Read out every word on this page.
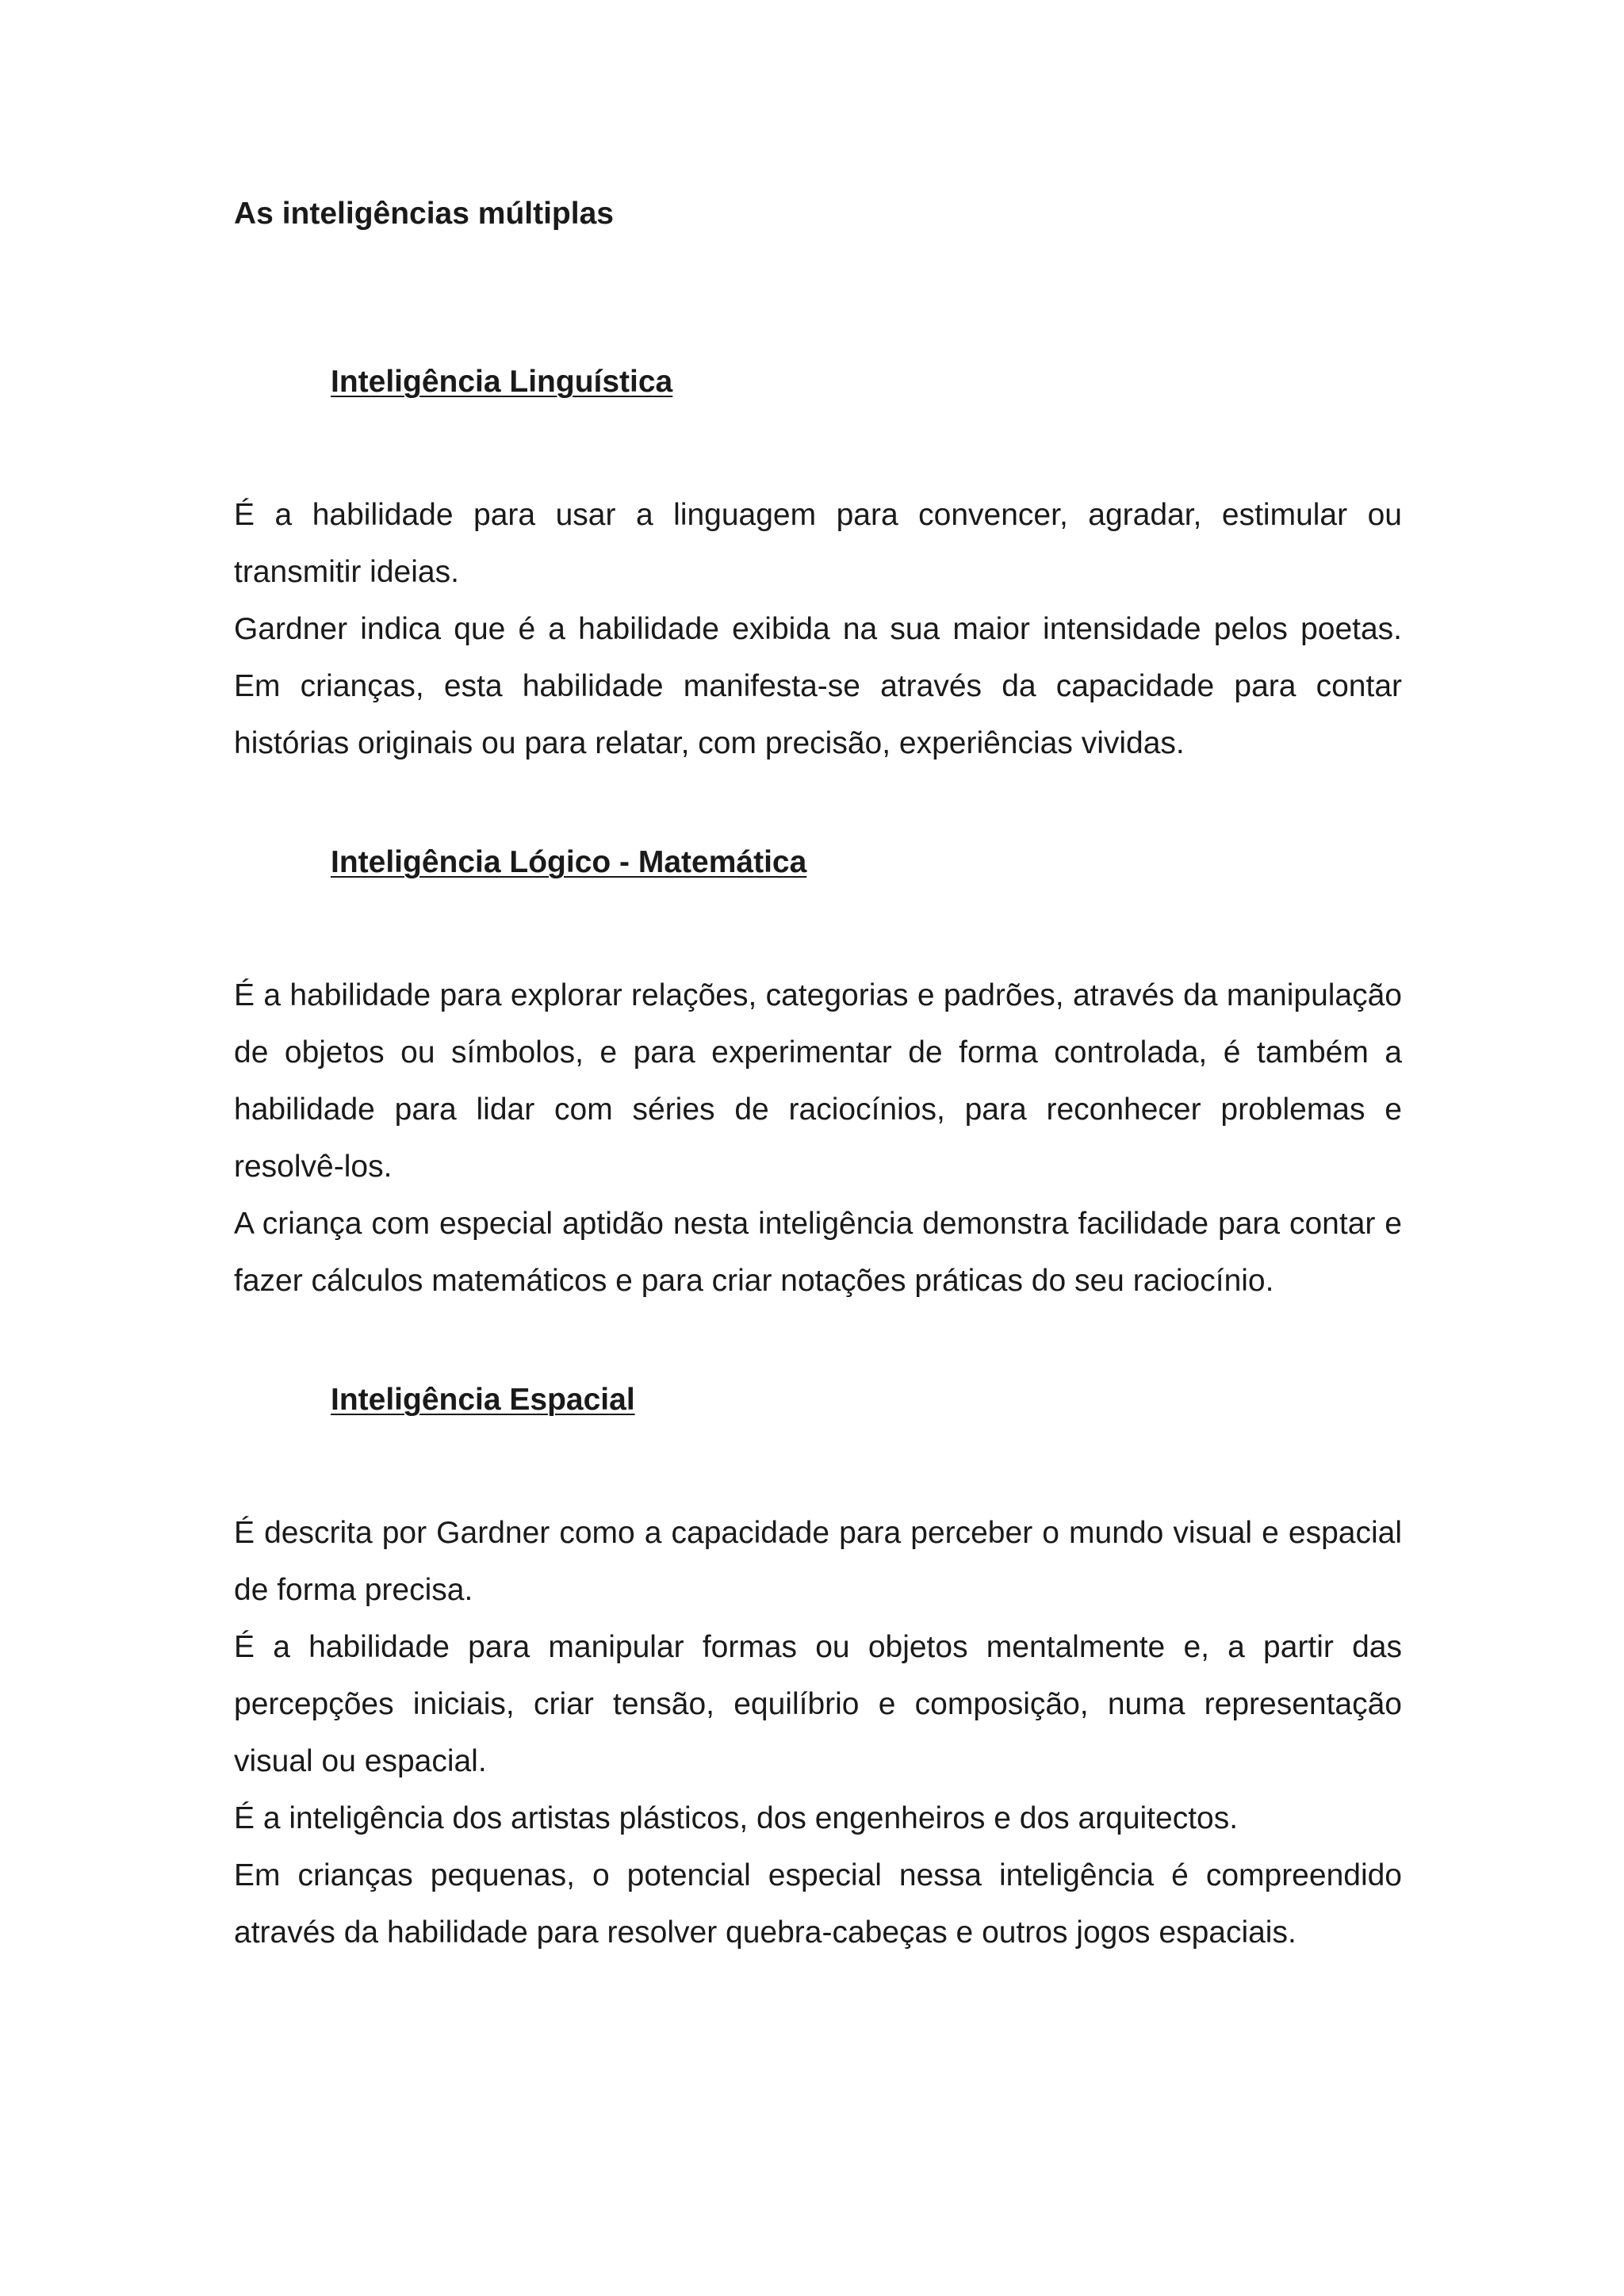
As inteligências múltiplas
Inteligência Linguística

É a habilidade para usar a linguagem para convencer, agradar, estimular ou transmitir ideias.

Gardner indica que é a habilidade exibida na sua maior intensidade pelos poetas. Em crianças, esta habilidade manifesta-se através da capacidade para contar histórias originais ou para relatar, com precisão, experiências vividas.

Inteligência Lógico - Matemática

É a habilidade para explorar relações, categorias e padrões, através da manipulação de objetos ou símbolos, e para experimentar de forma controlada, é também a habilidade para lidar com séries de raciocínios, para reconhecer problemas e resolvê-los.

A criança com especial aptidão nesta inteligência demonstra facilidade para contar e fazer cálculos matemáticos e para criar notações práticas do seu raciocínio.

Inteligência Espacial

É descrita por Gardner como a capacidade para perceber o mundo visual e espacial de forma precisa.

É a habilidade para manipular formas ou objetos mentalmente e, a partir das percepções iniciais, criar tensão, equilíbrio e composição, numa representação visual ou espacial.

É a inteligência dos artistas plásticos, dos engenheiros e dos arquitectos.

Em crianças pequenas, o potencial especial nessa inteligência é compreendido através da habilidade para resolver quebra-cabeças e outros jogos espaciais.
